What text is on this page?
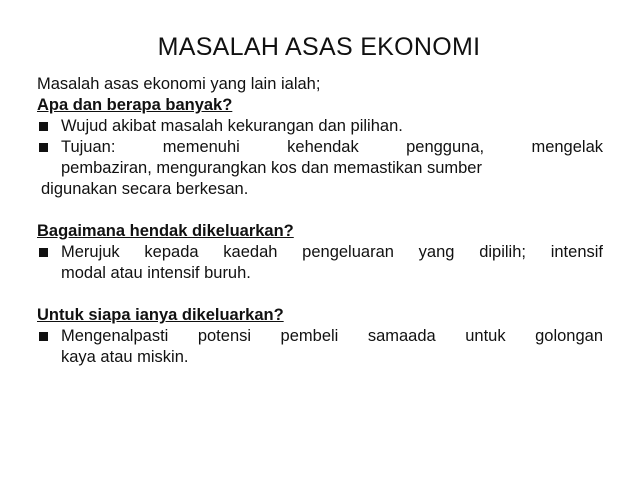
MASALAH ASAS EKONOMI
Masalah asas ekonomi yang lain ialah;
Apa dan berapa banyak?
Wujud akibat masalah kekurangan dan pilihan.
Tujuan: memenuhi kehendak pengguna, mengelak
pembaziran, mengurangkan kos dan memastikan sumber
digunakan secara berkesan.
Bagaimana hendak dikeluarkan?
Merujuk kepada kaedah pengeluaran yang dipilih; intensif
modal atau intensif buruh.
Untuk siapa ianya dikeluarkan?
Mengenalpasti potensi pembeli samaada untuk golongan
kaya atau miskin.
